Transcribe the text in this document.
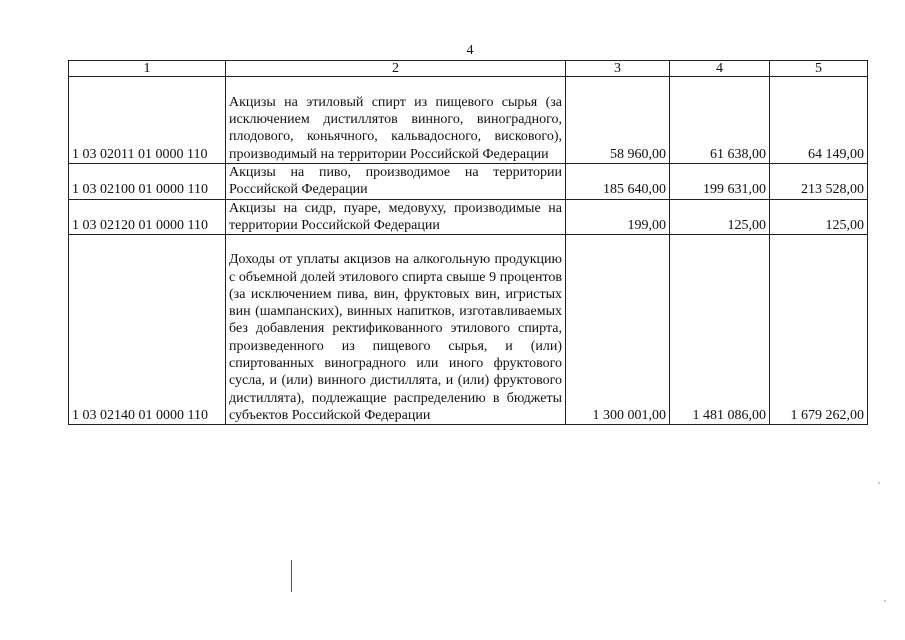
4
1	2	3	4	5
1 03 02011 01 0000 110	Акцизы на этиловый спирт из пищевого сырья (за исключением дистиллятов винного, виноградного, плодового, коньячного, кальвадосного, вискового), производимый на территории Российской Федерации	58 960,00	61 638,00	64 149,00
1 03 02100 01 0000 110	Акцизы на пиво, производимое на территории Российской Федерации	185 640,00	199 631,00	213 528,00
1 03 02120 01 0000 110	Акцизы на сидр, пуаре, медовуху, производимые на территории Российской Федерации	199,00	125,00	125,00
1 03 02140 01 0000 110	Доходы от уплаты акцизов на алкогольную продукцию с объемной долей этилового спирта свыше 9 процентов (за исключением пива, вин, фруктовых вин, игристых вин (шампанских), винных напитков, изготавливаемых без добавления ректификованного этилового спирта, произведенного из пищевого сырья, и (или) спиртованных виноградного или иного фруктового сусла, и (или) винного дистиллята, и (или) фруктового дистиллята), подлежащие распределению в бюджеты субъектов Российской Федерации	1 300 001,00	1 481 086,00	1 679 262,00
